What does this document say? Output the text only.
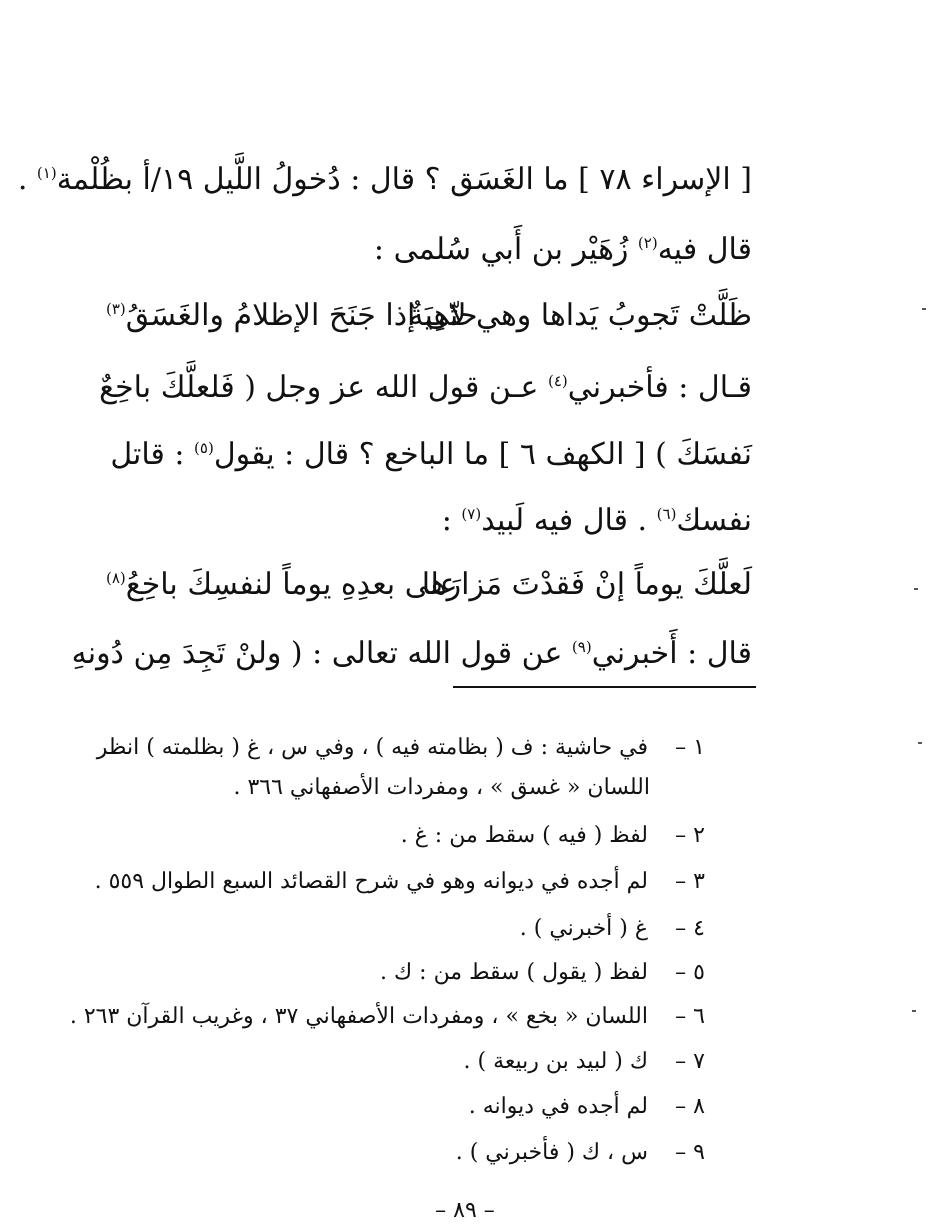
[ الإسراء ٧٨ ] ما الغَسَق ؟ قال : دُخولُ اللَّيل ١٩/أ بظُلْمة$^{(١)}$ .
قال فيه$^{(٢)}$ زُهَيْر بن أَبي سُلمى :
ظَلَّتْ تَجوبُ يَداها وهي لاهِيَةٌ
حتّى إذا جَنَحَ الإظلامُ والغَسَقُ$^{(٣)}$
قـال : فأخبرني$^{(٤)}$ عـن قول الله عز وجل ( فَلعلَّكَ باخِعٌ
نَفسَكَ ) [ الكهف ٦ ] ما الباخع ؟ قال : يقول$^{(٥)}$ : قاتل
نفسك$^{(٦)}$ . قال فيه لَبيد$^{(٧)}$ :
لَعلَّكَ يوماً إنْ فَقدْتَ مَزارَها
على بعدِهِ يوماً لنفسِكَ باخِعُ$^{(٨)}$
قال : أَخبرني$^{(٩)}$ عن قول الله تعالى : ( ولنْ تَجِدَ مِن دُونهِ
١ – في حاشية : ف ( بظامته فيه ) ، وفي س ، غ ( بظلمته ) انظر
اللسان « غسق » ، ومفردات الأصفهاني ٣٦٦ .
٢ – لفظ ( فيه ) سقط من : غ .
٣ – لم أجده في ديوانه وهو في شرح القصائد السبع الطوال ٥٥٩ .
٤ – غ ( أخبرني ) .
٥ – لفظ ( يقول ) سقط من : ك .
٦ – اللسان « بخع » ، ومفردات الأصفهاني ٣٧ ، وغريب القرآن ٢٦٣ .
٧ – ك ( لبيد بن ربيعة ) .
٨ – لم أجده في ديوانه .
٩ – س ، ك ( فأخبرني ) .
– ٨٩ –
